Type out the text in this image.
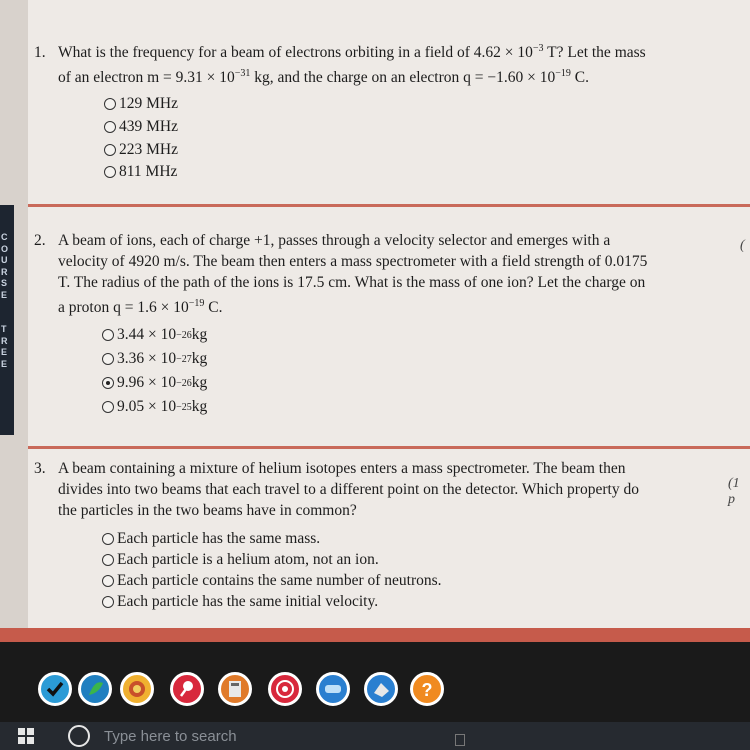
C
O
U
R
S
E
T
R
E
E
1. What is the frequency for a beam of electrons orbiting in a field of $4.62 \times 10^{-3}$ T? Let the mass
of an electron $m = 9.31 \times 10^{-31}$ kg, and the charge on an electron $q = -1.60 \times 10^{-19}$ C.
129 MHz
439 MHz
223 MHz
811 MHz
2. A beam of ions, each of charge +1, passes through a velocity selector and emerges with a
velocity of 4920 m/s. The beam then enters a mass spectrometer with a field strength of 0.0175
T. The radius of the path of the ions is 17.5 cm. What is the mass of one ion? Let the charge on
a proton $q = 1.6 \times 10^{-19}$ C.
(
3.44 × 10 −26 kg
3.36 × 10 −27 kg
9.96 × 10 −26 kg
9.05 × 10 −25 kg
3. A beam containing a mixture of helium isotopes enters a mass spectrometer. The beam then
divides into two beams that each travel to a different point on the detector. Which property do
the particles in the two beams have in common?
(1 p
Each particle has the same mass.
Each particle is a helium atom, not an ion.
Each particle contains the same number of neutrons.
Each particle has the same initial velocity.
?
Type here to search
